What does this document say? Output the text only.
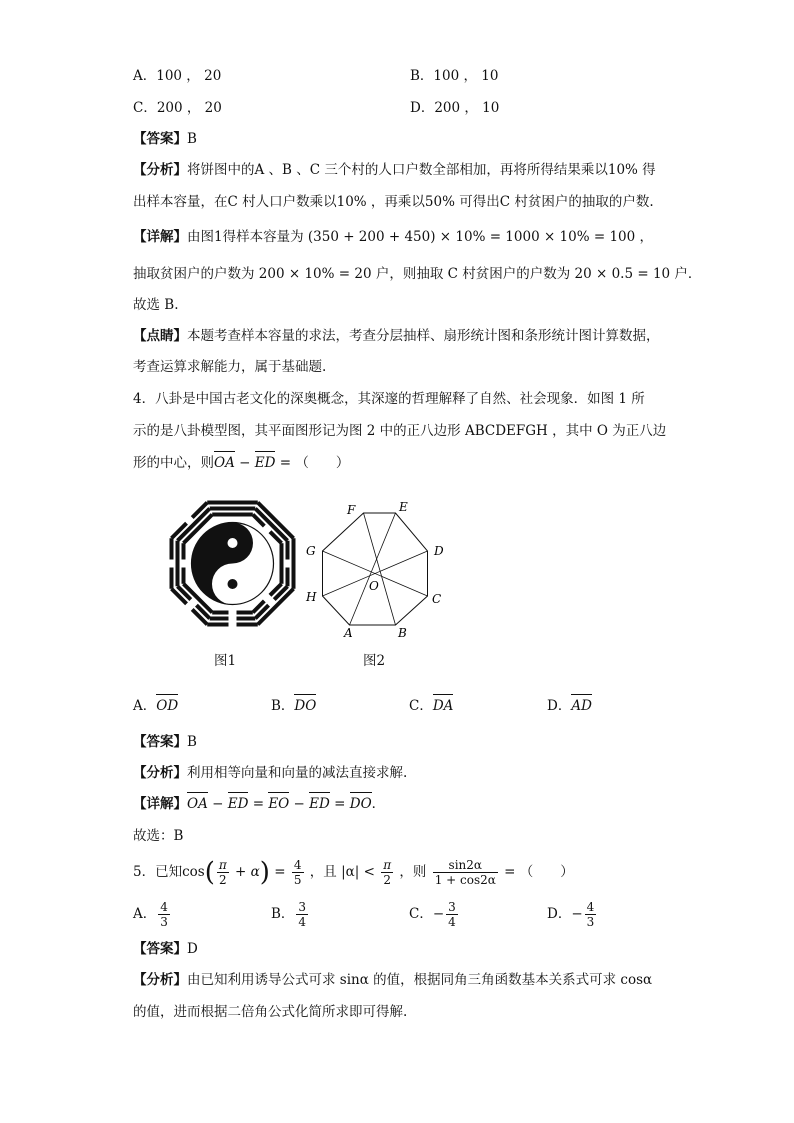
A．100 ， 20	B．100 ， 10
C．200 ， 20	D．200 ， 10
【答案】B
【分析】将饼图中的A 、B 、C 三个村的人口户数全部相加，再将所得结果乘以10% 得
出样本容量，在C 村人口户数乘以10% ，再乘以50% 可得出C 村贫困户的抽取的户数.
【详解】由图1得样本容量为 (350 + 200 + 450) × 10% = 1000 × 10% = 100 ，
抽取贫困户的户数为 200 × 10% = 20 户，则抽取 C 村贫困户的户数为 20 × 0.5 = 10 户．
故选 B.
【点睛】本题考查样本容量的求法，考查分层抽样、扇形统计图和条形统计图计算数据，
考查运算求解能力，属于基础题.
4．八卦是中国古老文化的深奥概念，其深邃的哲理解释了自然、社会现象．如图 1 所
示的是八卦模型图，其平面图形记为图 2 中的正八边形 ABCDEFGH ，其中 O 为正八边
形的中心，则OA − ED = （　　）
图1
A	B
C
D
E
F
G
H
O
图2
A．OD	B．DO	C．DA	D．AD
【答案】B
【分析】利用相等向量和向量的减法直接求解.
【详解】OA − ED = EO − ED = DO．
故选：B
5．已知$\cos( \frac{\pi}{2} + \alpha) = \frac{4}{5}$ ，且 $|\alpha| < \frac{\pi}{2}$ ，则 $\frac{\sin 2\alpha}{1 + \cos 2\alpha}$ = （　　）
A． $\frac{4}{3}$	B． $\frac{3}{4}$	C．− $\frac{3}{4}$	D．− $\frac{4}{3}$
【答案】D
【分析】由已知利用诱导公式可求 sinα 的值，根据同角三角函数基本关系式可求 cosα
的值，进而根据二倍角公式化简所求即可得解.
